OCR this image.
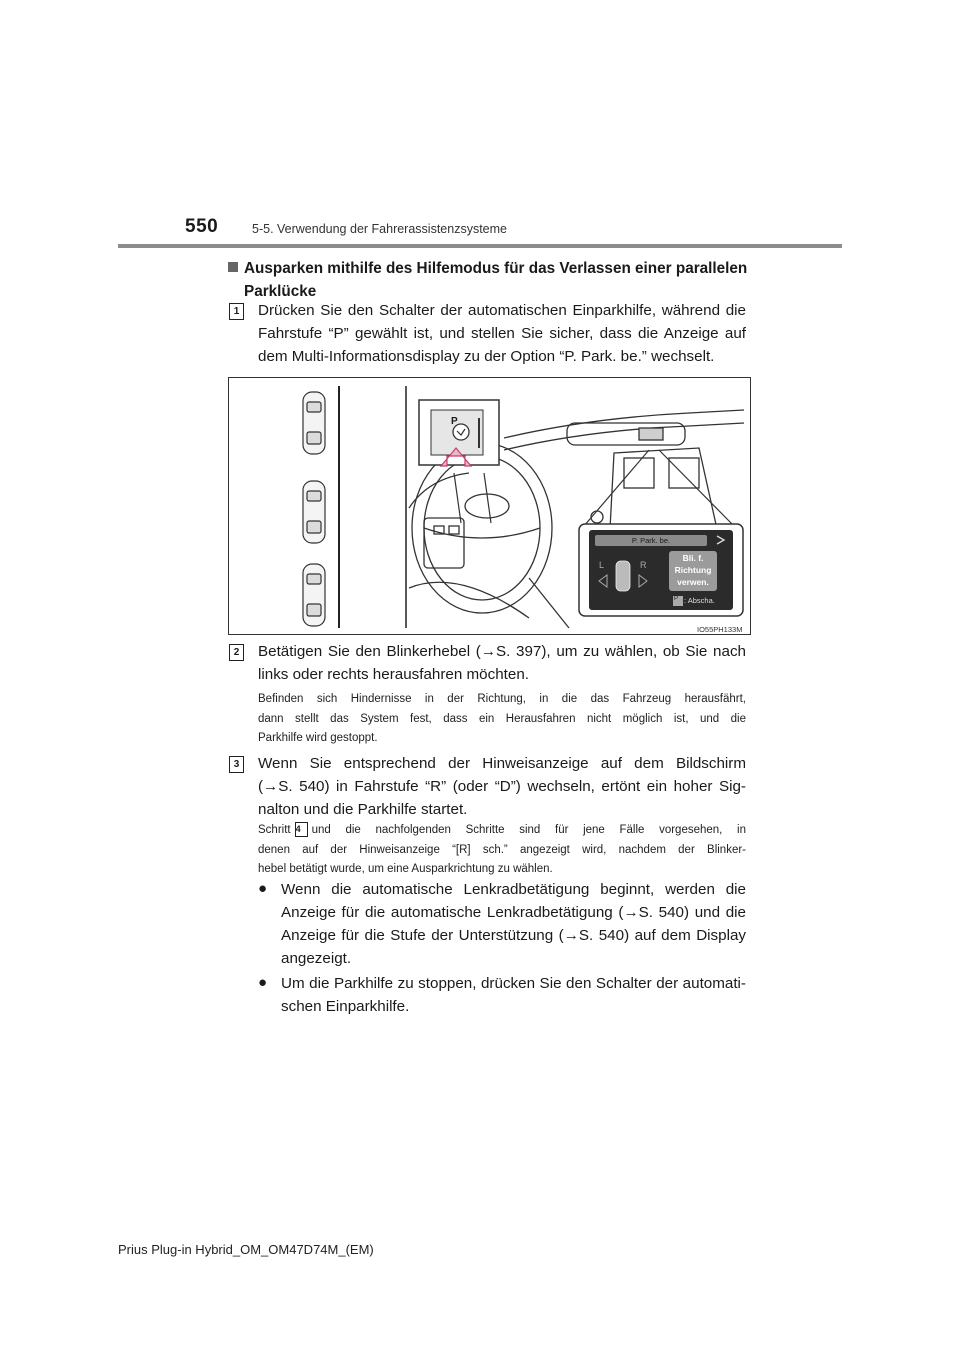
550	5-5. Verwendung der Fahrerassistenzsysteme
Ausparken mithilfe des Hilfemodus für das Verlassen einer parallelen
Parklücke
1	Drücken Sie den Schalter der automatischen Einparkhilfe, während die
Fahrstufe “P” gewählt ist, und stellen Sie sicher, dass die Anzeige auf
dem Multi-Informationsdisplay zu der Option “P. Park. be.” wechselt.
P
P. Park. be.
Bli. f.
Richtung
verwen.
L	R
P : Abscha.
IO55PH133M
2	Betätigen Sie den Blinkerhebel (→S. 397), um zu wählen, ob Sie nach
links oder rechts herausfahren möchten.
Befinden sich Hindernisse in der Richtung, in die das Fahrzeug herausfährt,
dann stellt das System fest, dass ein Herausfahren nicht möglich ist, und die
Parkhilfe wird gestoppt.
3	Wenn Sie entsprechend der Hinweisanzeige auf dem Bildschirm
(→S. 540) in Fahrstufe “R” (oder “D”) wechseln, ertönt ein hoher Sig-
nalton und die Parkhilfe startet.
Schritt 4 und die nachfolgenden Schritte sind für jene Fälle vorgesehen, in
denen auf der Hinweisanzeige “[R] sch.” angezeigt wird, nachdem der Blinker-
hebel betätigt wurde, um eine Ausparkrichtung zu wählen.
● Wenn die automatische Lenkradbetätigung beginnt, werden die
Anzeige für die automatische Lenkradbetätigung (→S. 540) und die
Anzeige für die Stufe der Unterstützung (→S. 540) auf dem Display
angezeigt.
● Um die Parkhilfe zu stoppen, drücken Sie den Schalter der automati-
schen Einparkhilfe.
Prius Plug-in Hybrid_OM_OM47D74M_(EM)
